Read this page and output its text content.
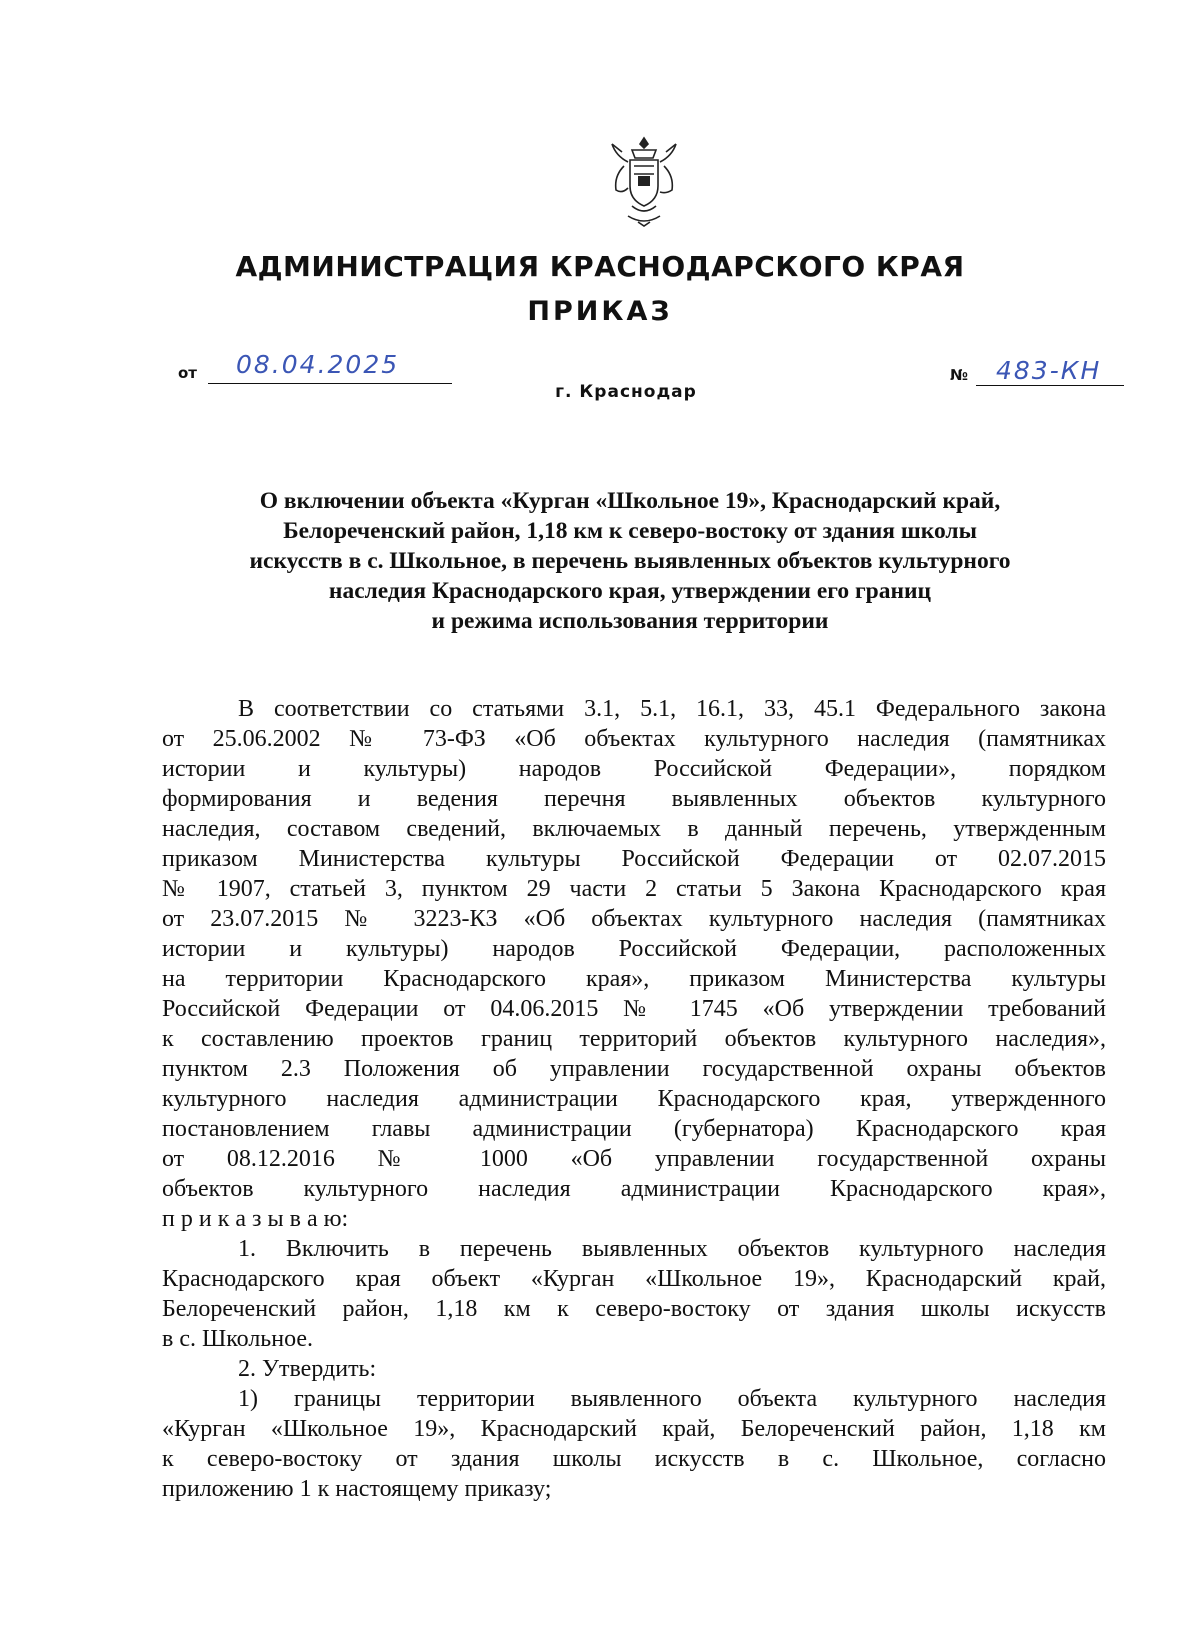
АДМИНИСТРАЦИЯ КРАСНОДАРСКОГО КРАЯ
ПРИКАЗ
от 08.04.2025	№ 483-КН
г. Краснодар
О включении объекта «Курган «Школьное 19», Краснодарский край,
Белореченский район, 1,18 км к северо-востоку от здания школы
искусств в с. Школьное, в перечень выявленных объектов культурного
наследия Краснодарского края, утверждении его границ
и режима использования территории
В соответствии со статьями 3.1, 5.1, 16.1, 33, 45.1 Федерального закона
от 25.06.2002 № 73-ФЗ «Об объектах культурного наследия (памятниках
истории и культуры) народов Российской Федерации», порядком
формирования и ведения перечня выявленных объектов культурного
наследия, составом сведений, включаемых в данный перечень, утвержденным
приказом Министерства культуры Российской Федерации от 02.07.2015
№ 1907, статьей 3, пунктом 29 части 2 статьи 5 Закона Краснодарского края
от 23.07.2015 № 3223-КЗ «Об объектах культурного наследия (памятниках
истории и культуры) народов Российской Федерации, расположенных
на территории Краснодарского края», приказом Министерства культуры
Российской Федерации от 04.06.2015 № 1745 «Об утверждении требований
к составлению проектов границ территорий объектов культурного наследия»,
пунктом 2.3 Положения об управлении государственной охраны объектов
культурного наследия администрации Краснодарского края, утвержденного
постановлением главы администрации (губернатора) Краснодарского края
от 08.12.2016 № 1000 «Об управлении государственной охраны
объектов культурного наследия администрации Краснодарского края»,
п р и к а з ы в а ю:
1. Включить в перечень выявленных объектов культурного наследия
Краснодарского края объект «Курган «Школьное 19», Краснодарский край,
Белореченский район, 1,18 км к северо-востоку от здания школы искусств
в с. Школьное.
2. Утвердить:
1) границы территории выявленного объекта культурного наследия
«Курган «Школьное 19», Краснодарский край, Белореченский район, 1,18 км
к северо-востоку от здания школы искусств в с. Школьное, согласно
приложению 1 к настоящему приказу;
